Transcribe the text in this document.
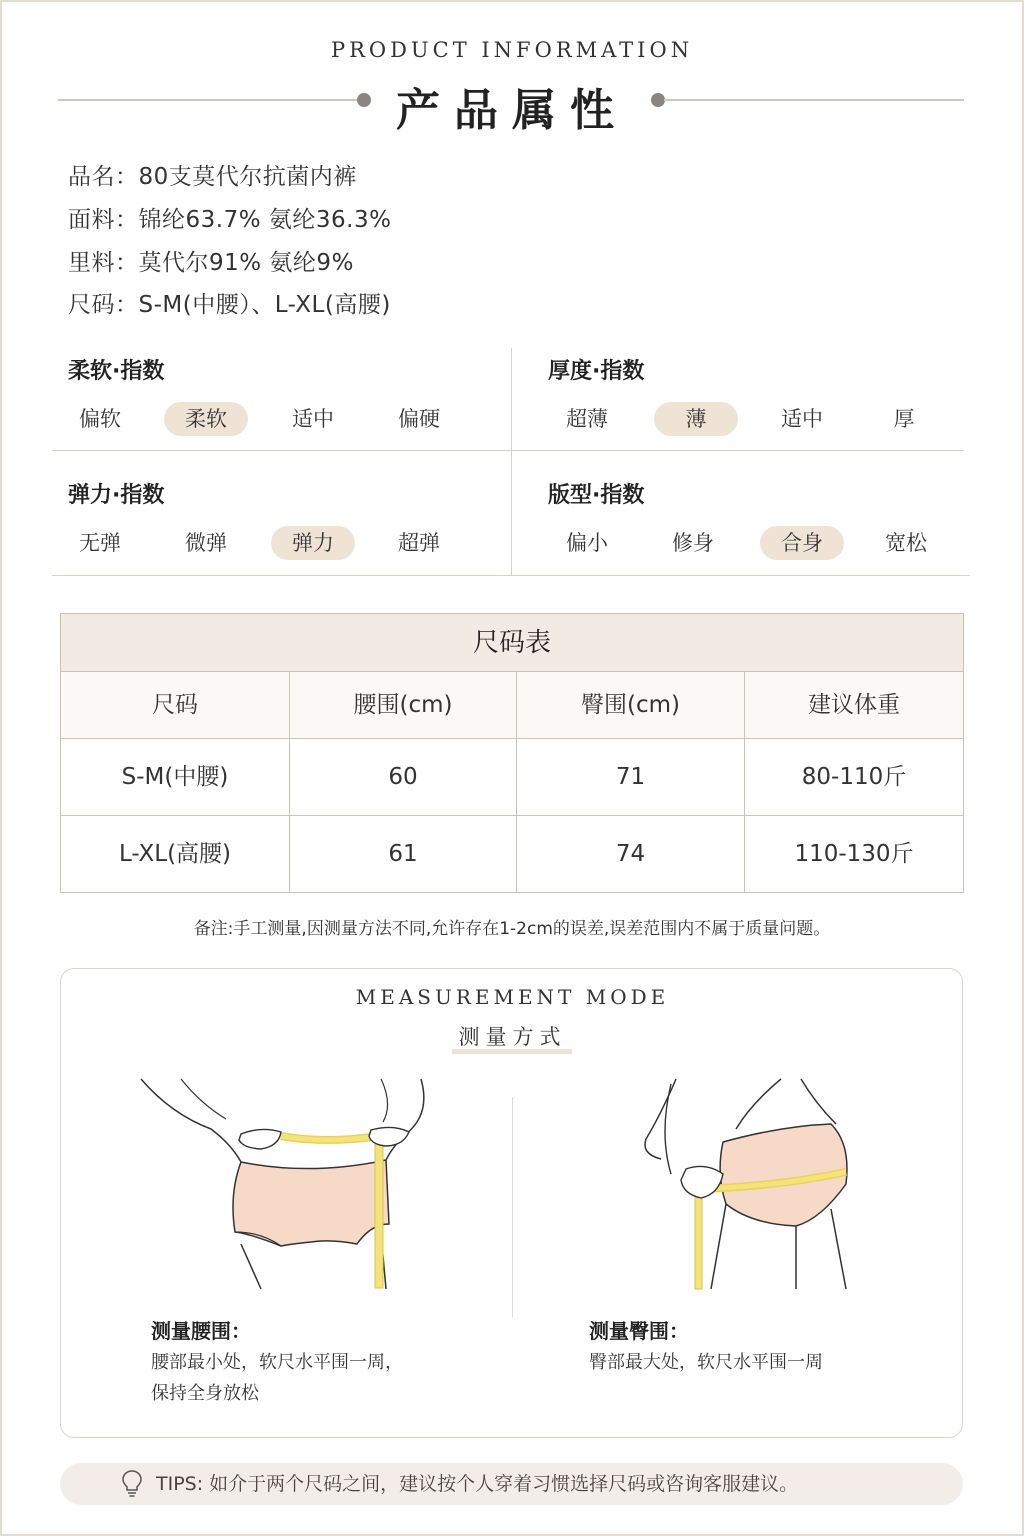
PRODUCT INFORMATION
产品属性
品名：80支莫代尔抗菌内裤
面料：锦纶63.7% 氨纶36.3%
里料：莫代尔91% 氨纶9%
尺码：S-M(中腰）、L-XL(高腰)
柔软·指数
偏软	柔软	适中	偏硬
厚度·指数
超薄	薄	适中	厚
弹力·指数
无弹	微弹	弹力	超弹
版型·指数
偏小	修身	合身	宽松
尺码表
尺码	腰围(cm)	臀围(cm)	建议体重
S-M(中腰)	60	71	80-110斤
L-XL(高腰)	61	74	110-130斤
备注:手工测量,因测量方法不同,允许存在1-2cm的误差,误差范围内不属于质量问题。
MEASUREMENT MODE
测量方式
测量腰围：
腰部最小处，软尺水平围一周，
保持全身放松
测量臀围：
臀部最大处，软尺水平围一周
TIPS: 如介于两个尺码之间，建议按个人穿着习惯选择尺码或咨询客服建议。
